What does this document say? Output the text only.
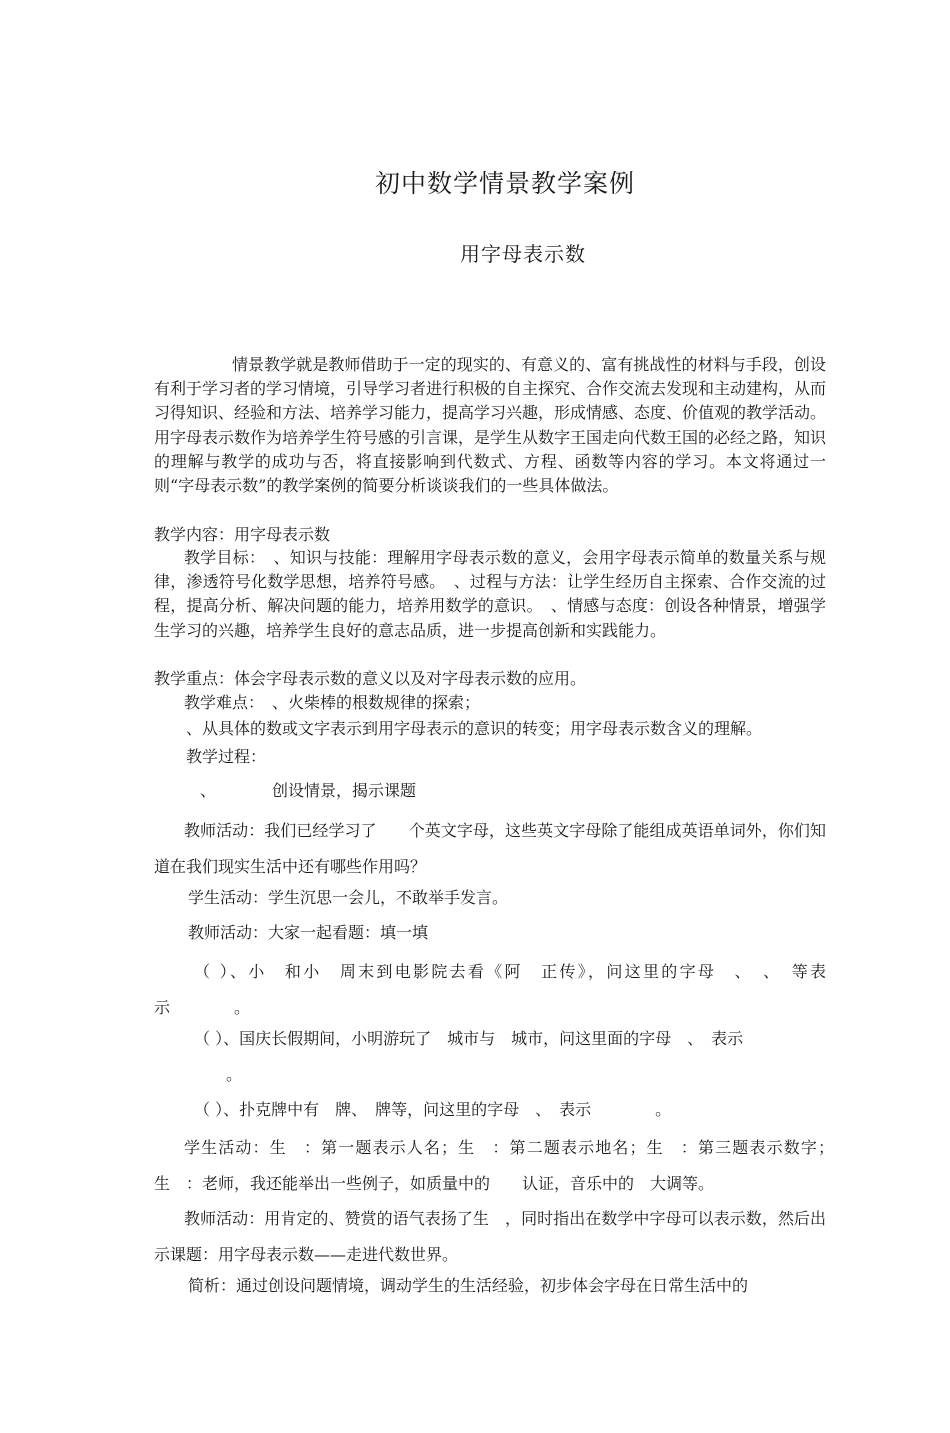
初中数学情景教学案例
用字母表示数
情景教学就是教师借助于一定的现实的、有意义的、富有挑战性的材料与手段，创设有利于学习者的学习情境，引导学习者进行积极的自主探究、合作交流去发现和主动建构，从而习得知识、经验和方法、培养学习能力，提高学习兴趣，形成情感、态度、价值观的教学活动。用字母表示数作为培养学生符号感的引言课，是学生从数字王国走向代数王国的必经之路，知识的理解与教学的成功与否，将直接影响到代数式、方程、函数等内容的学习。本文将通过一则“字母表示数”的教学案例的简要分析谈谈我们的一些具体做法。
教学内容：用字母表示数
教学目标：　、知识与技能：理解用字母表示数的意义，会用字母表示简单的数量关系与规律，渗透符号化数学思想，培养符号感。　、过程与方法：让学生经历自主探索、合作交流的过程，提高分析、解决问题的能力，培养用数学的意识。　、情感与态度：创设各种情景，增强学生学习的兴趣，培养学生良好的意志品质，进一步提高创新和实践能力。
教学重点：体会字母表示数的意义以及对字母表示数的应用。
教学难点：　、火柴棒的根数规律的探索；
、从具体的数或文字表示到用字母表示的意识的转变；用字母表示数含义的理解。
教学过程：
、　　　　创设情景，揭示课题
教师活动：我们已经学习了　　个英文字母，这些英文字母除了能组成英语单词外，你们知道在我们现实生活中还有哪些作用吗？
学生活动：学生沉思一会儿，不敢举手发言。
教师活动：大家一起看题：填一填
（ ）、小　和小　周末到电影院去看《阿　正传》，问这里的字母　、　、　等表示　　　　。
（ ）、国庆长假期间，小明游玩了　城市与　城市，问这里面的字母　、　表示
。
（ ）、扑克牌中有　牌、　牌等，问这里的字母　、　表示　　　　。
学生活动：生　：第一题表示人名；生　：第二题表示地名；生　：第三题表示数字；　生　：老师，我还能举出一些例子，如质量中的　　认证，音乐中的　大调等。
教师活动：用肯定的、赞赏的语气表扬了生　，同时指出在数学中字母可以表示数，然后出示课题：用字母表示数——走进代数世界。
简析：通过创设问题情境，调动学生的生活经验，初步体会字母在日常生活中的
